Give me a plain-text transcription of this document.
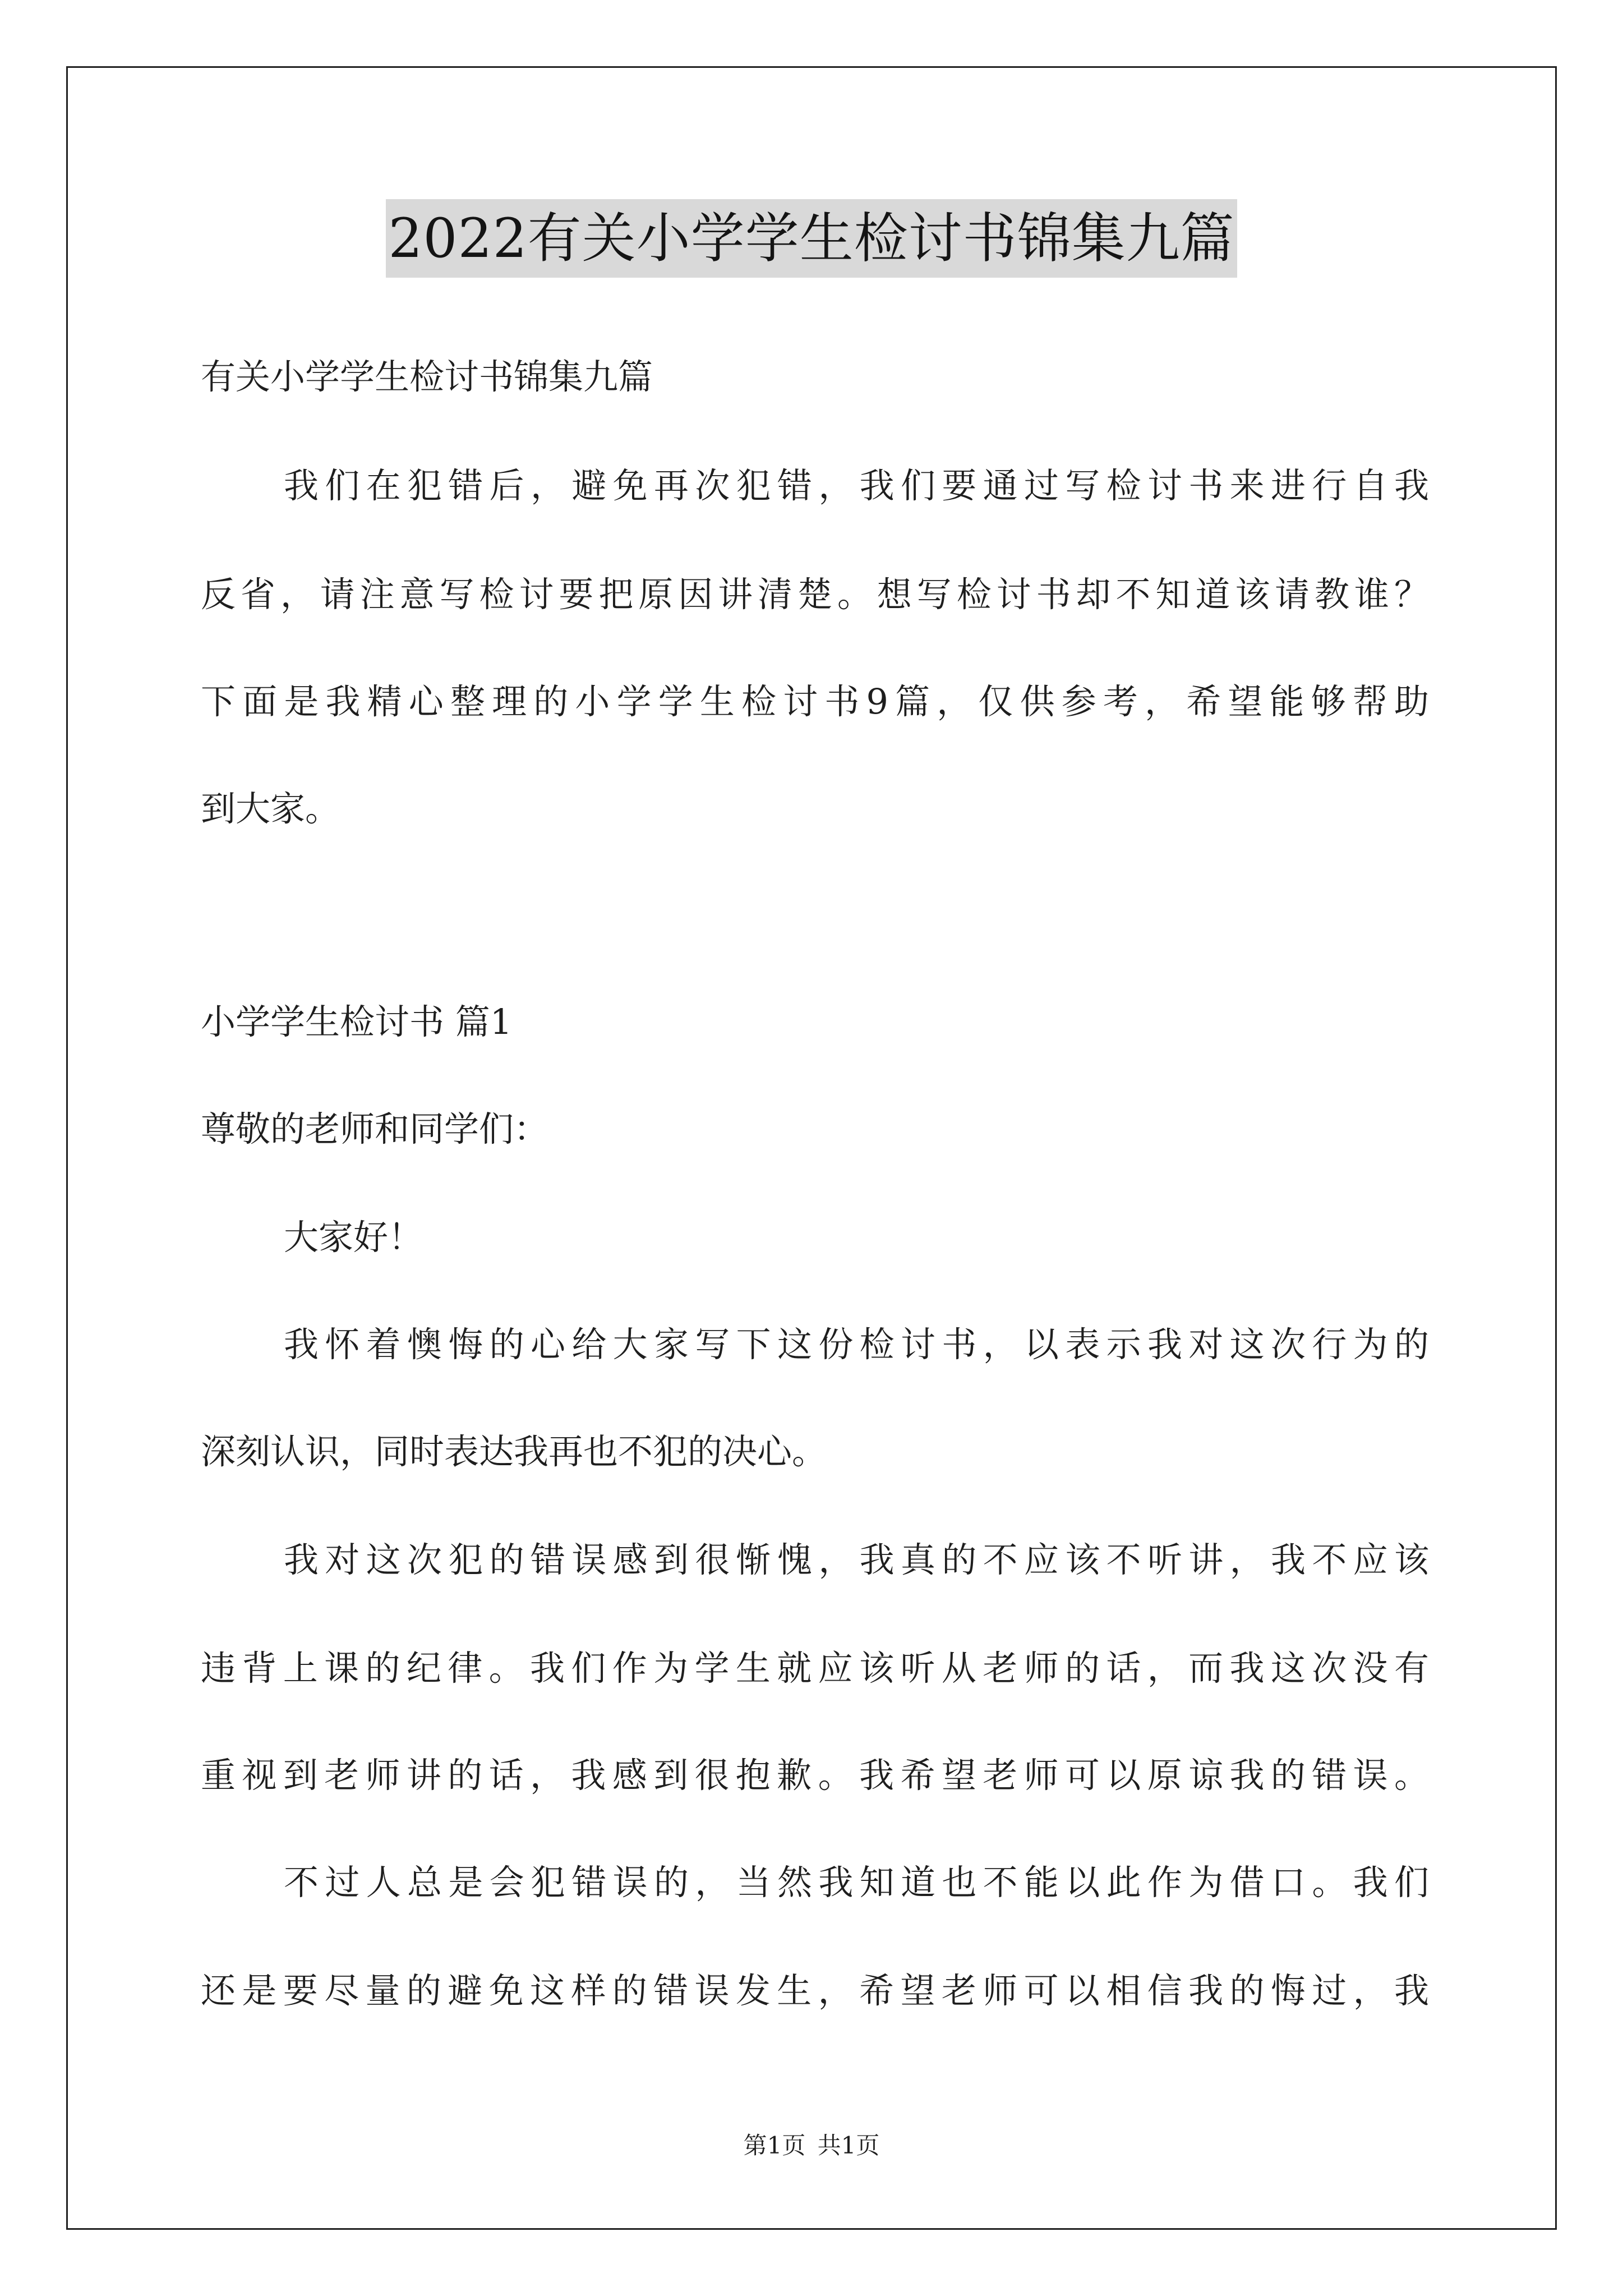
2022有关小学学生检讨书锦集九篇
有关小学学生检讨书锦集九篇
我们在犯错后，避免再次犯错，我们要通过写检讨书来进行自我
反省，请注意写检讨要把原因讲清楚。想写检讨书却不知道该请教谁？
下面是我精心整理的小学学生检讨书9篇，仅供参考，希望能够帮助
到大家。
小学学生检讨书 篇1
尊敬的老师和同学们：
大家好！
我怀着懊悔的心给大家写下这份检讨书，以表示我对这次行为的
深刻认识，同时表达我再也不犯的决心。
我对这次犯的错误感到很惭愧，我真的不应该不听讲，我不应该
违背上课的纪律。我们作为学生就应该听从老师的话，而我这次没有
重视到老师讲的话，我感到很抱歉。我希望老师可以原谅我的错误。
不过人总是会犯错误的，当然我知道也不能以此作为借口。我们
还是要尽量的避免这样的错误发生，希望老师可以相信我的悔过，我
第1页 共1页
